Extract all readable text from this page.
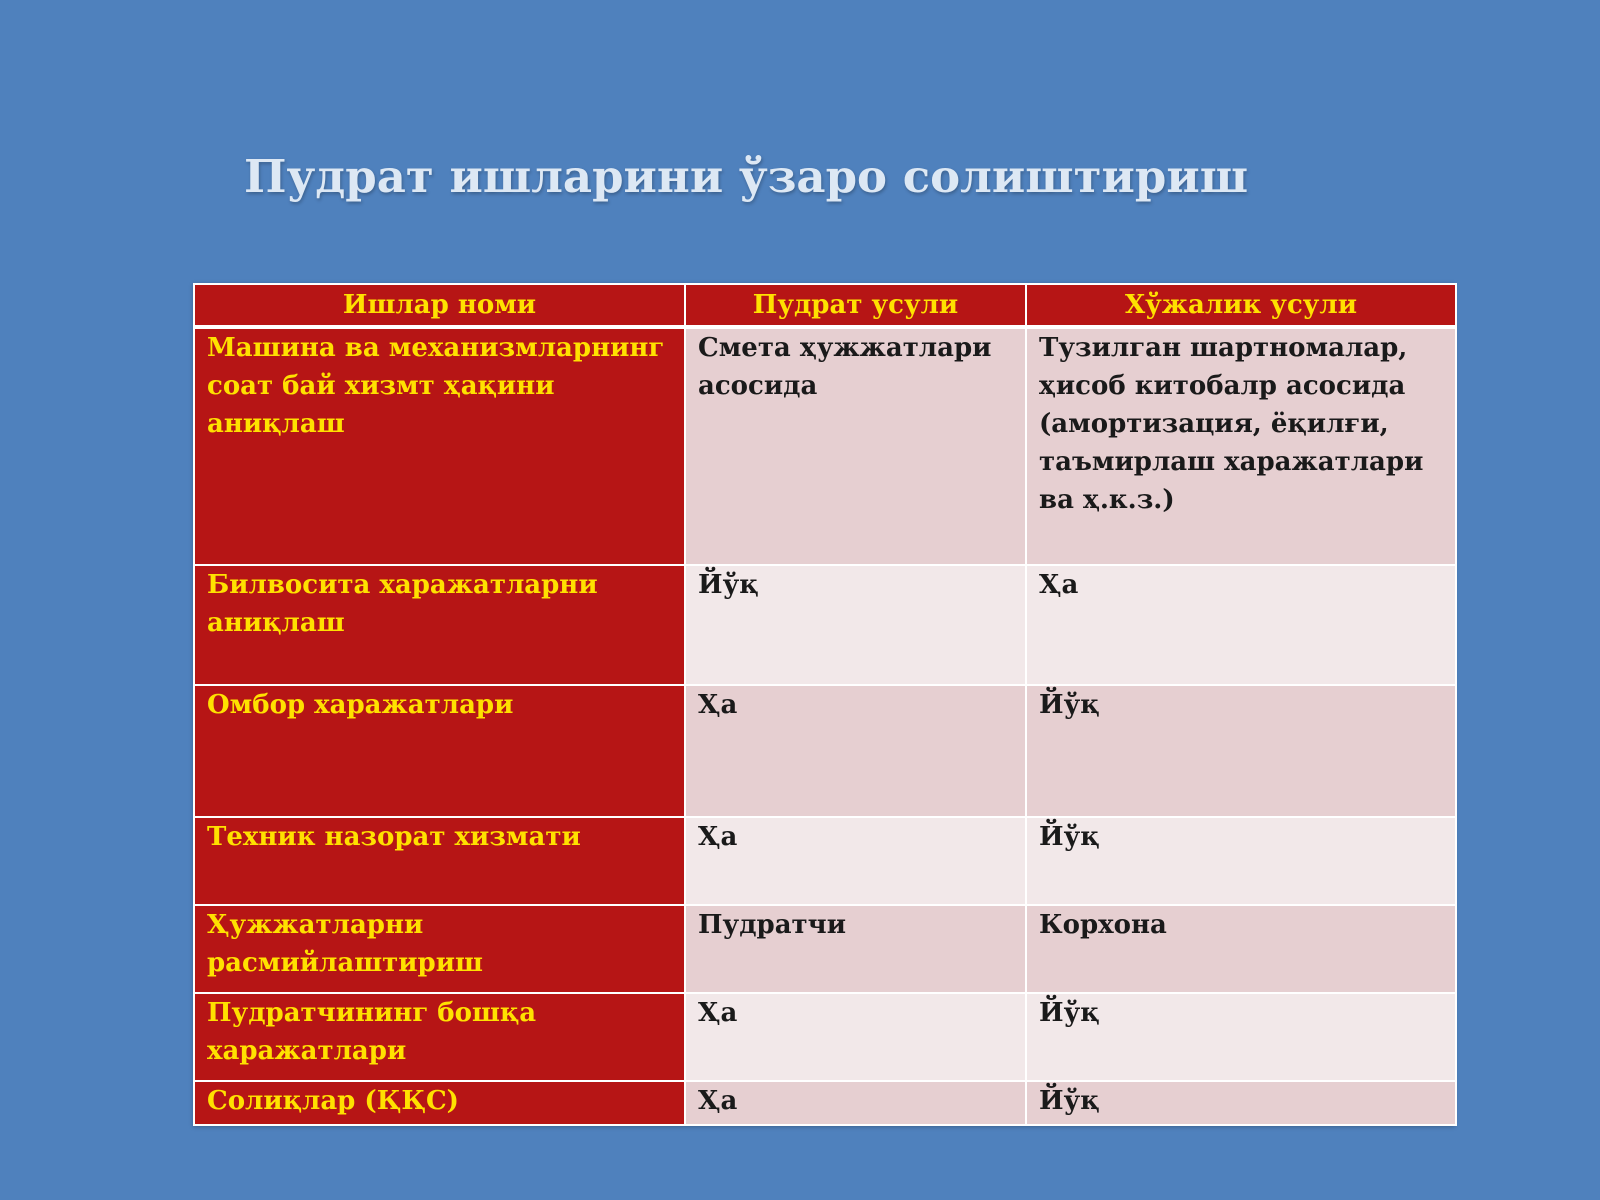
Пудрат ишларини ўзаро солиштириш
Ишлар номи	Пудрат усули	Хўжалик усули
Машина ва механизмларнинг соат бай хизмт ҳақини аниқлаш	Смета ҳужжатлари асосида	Тузилган шартномалар, ҳисоб китобалр асосида (амортизация, ёқилғи, таъмирлаш харажатлари ва ҳ.к.з.)
Билвосита харажатларни аниқлаш	Йўқ	Ҳа
Омбор харажатлари	Ҳа	Йўқ
Техник назорат хизмати	Ҳа	Йўқ
Ҳужжатларни расмийлаштириш	Пудратчи	Корхона
Пудратчининг бошқа харажатлари	Ҳа	Йўқ
Солиқлар (ҚҚС)	Ҳа	Йўқ
